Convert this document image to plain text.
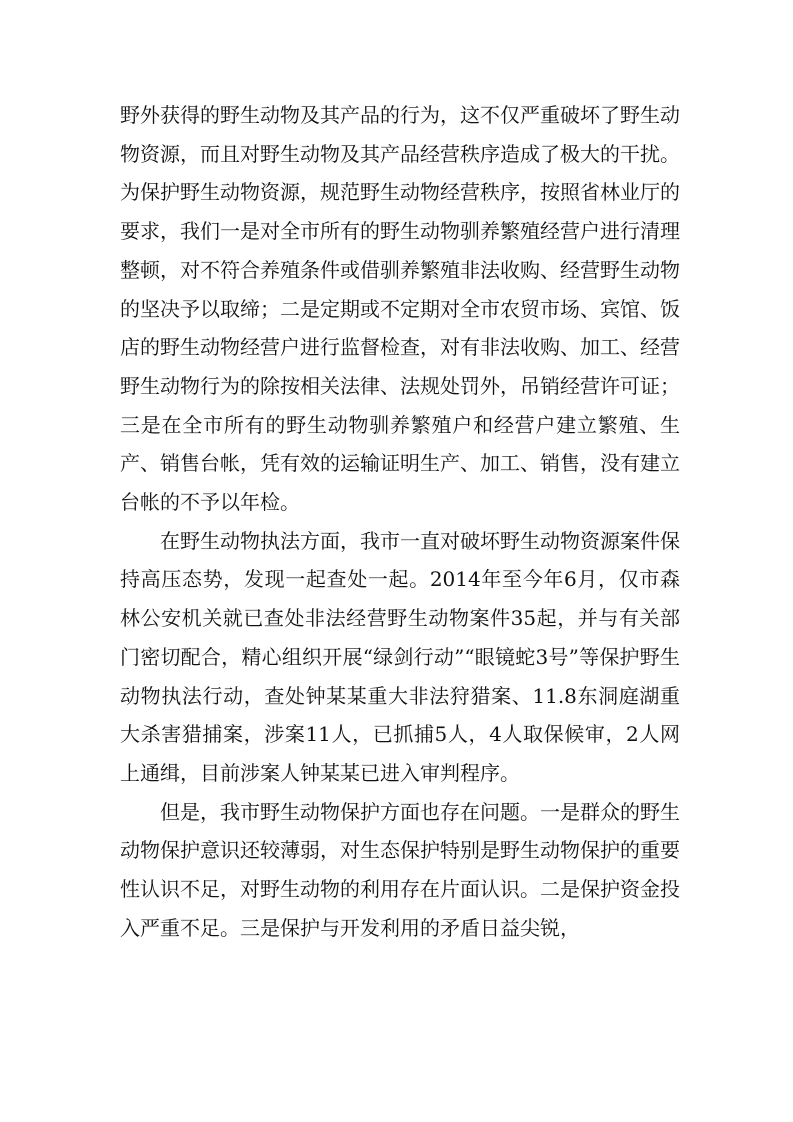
野外获得的野生动物及其产品的行为，这不仅严重破坏了野生动物资源，而且对野生动物及其产品经营秩序造成了极大的干扰。为保护野生动物资源，规范野生动物经营秩序，按照省林业厅的要求，我们一是对全市所有的野生动物驯养繁殖经营户进行清理整顿，对不符合养殖条件或借驯养繁殖非法收购、经营野生动物的坚决予以取缔；二是定期或不定期对全市农贸市场、宾馆、饭店的野生动物经营户进行监督检查，对有非法收购、加工、经营野生动物行为的除按相关法律、法规处罚外，吊销经营许可证；三是在全市所有的野生动物驯养繁殖户和经营户建立繁殖、生产、销售台帐，凭有效的运输证明生产、加工、销售，没有建立台帐的不予以年检。

在野生动物执法方面，我市一直对破坏野生动物资源案件保持高压态势，发现一起查处一起。2014年至今年6月，仅市森林公安机关就已查处非法经营野生动物案件35起，并与有关部门密切配合，精心组织开展“绿剑行动”“眼镜蛇3号”等保护野生动物执法行动，查处钟某某重大非法狩猎案、11.8东洞庭湖重大杀害猎捕案，涉案11人，已抓捕5人，4人取保候审，2人网上通缉，目前涉案人钟某某已进入审判程序。

但是，我市野生动物保护方面也存在问题。一是群众的野生动物保护意识还较薄弱，对生态保护特别是野生动物保护的重要性认识不足，对野生动物的利用存在片面认识。二是保护资金投入严重不足。三是保护与开发利用的矛盾日益尖锐，
